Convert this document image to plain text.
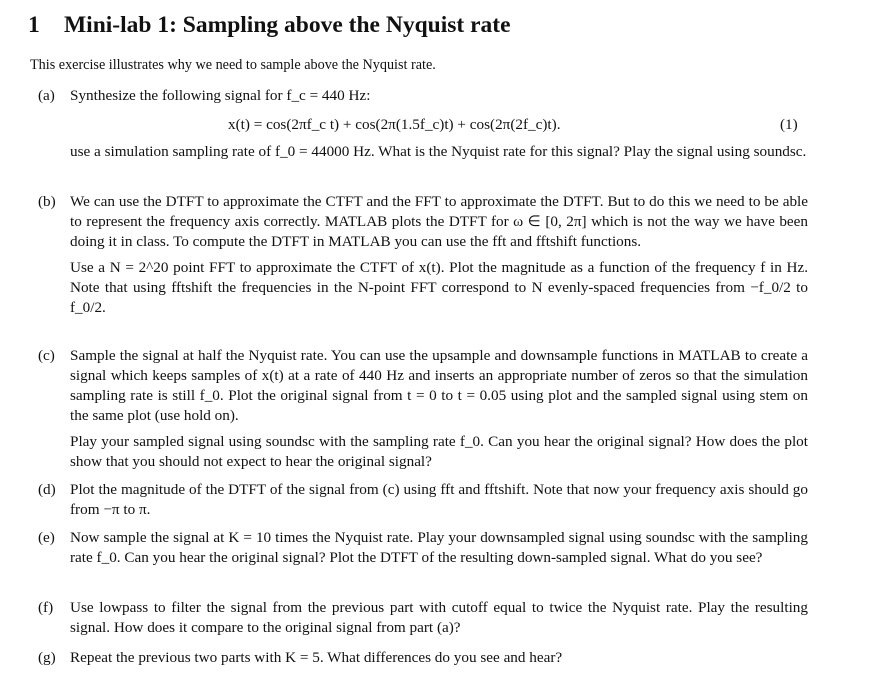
1 Mini-lab 1: Sampling above the Nyquist rate
This exercise illustrates why we need to sample above the Nyquist rate.
(a) Synthesize the following signal for f_c = 440 Hz:
x(t) = cos(2πf_c t) + cos(2π(1.5f_c)t) + cos(2π(2f_c)t).	(1)
use a simulation sampling rate of f_0 = 44000 Hz. What is the Nyquist rate for this signal? Play the signal using soundsc.
(b) We can use the DTFT to approximate the CTFT and the FFT to approximate the DTFT. But to do this we need to be able to represent the frequency axis correctly. MATLAB plots the DTFT for ω ∈ [0, 2π] which is not the way we have been doing it in class. To compute the DTFT in MATLAB you can use the fft and fftshift functions.
Use a N = 2^20 point FFT to approximate the CTFT of x(t). Plot the magnitude as a function of the frequency f in Hz. Note that using fftshift the frequencies in the N-point FFT correspond to N evenly-spaced frequencies from −f_0/2 to f_0/2.
(c) Sample the signal at half the Nyquist rate. You can use the upsample and downsample functions in MATLAB to create a signal which keeps samples of x(t) at a rate of 440 Hz and inserts an appropriate number of zeros so that the simulation sampling rate is still f_0. Plot the original signal from t = 0 to t = 0.05 using plot and the sampled signal using stem on the same plot (use hold on).
Play your sampled signal using soundsc with the sampling rate f_0. Can you hear the original signal? How does the plot show that you should not expect to hear the original signal?
(d) Plot the magnitude of the DTFT of the signal from (c) using fft and fftshift. Note that now your frequency axis should go from −π to π.
(e) Now sample the signal at K = 10 times the Nyquist rate. Play your downsampled signal using soundsc with the sampling rate f_0. Can you hear the original signal? Plot the DTFT of the resulting down-sampled signal. What do you see?
(f)	Use lowpass to filter the signal from the previous part with cutoff equal to twice the Nyquist rate. Play the resulting signal. How does it compare to the original signal from part (a)?
(g) Repeat the previous two parts with K = 5. What differences do you see and hear?
